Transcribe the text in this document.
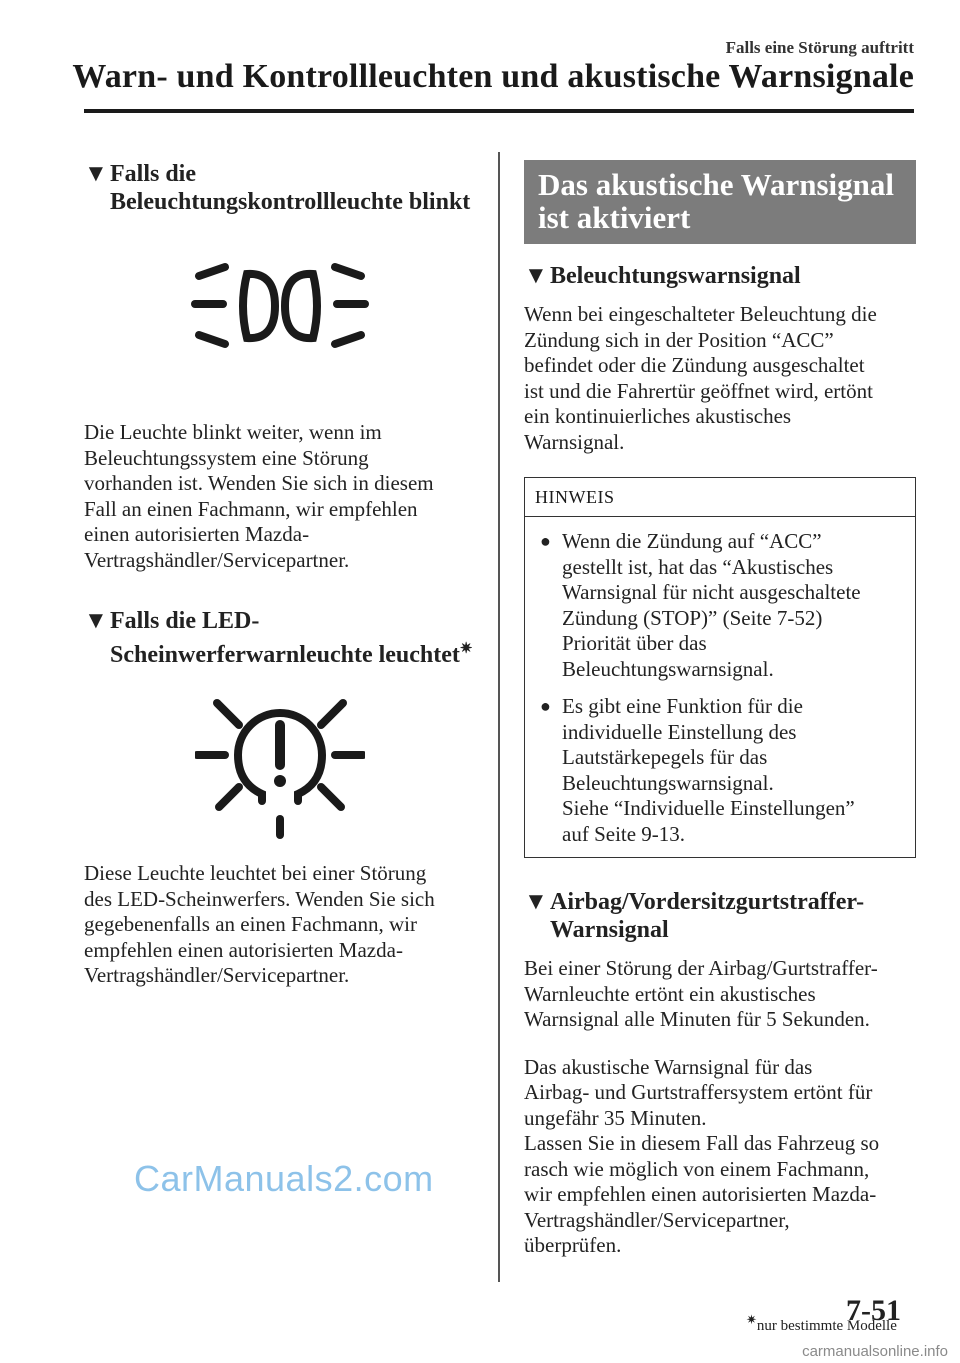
Falls eine Störung auftritt
Warn- und Kontrollleuchten und akustische Warnsignale
▼ Falls die
Beleuchtungskontrollleuchte blinkt
Die Leuchte blinkt weiter, wenn im
Beleuchtungssystem eine Störung
vorhanden ist. Wenden Sie sich in diesem
Fall an einen Fachmann, wir empfehlen
einen autorisierten Mazda-
Vertragshändler/Servicepartner.
▼ Falls die LED-
Scheinwerferwarnleuchte leuchtet✷
Diese Leuchte leuchtet bei einer Störung
des LED-Scheinwerfers. Wenden Sie sich
gegebenenfalls an einen Fachmann, wir
empfehlen einen autorisierten Mazda-
Vertragshändler/Servicepartner.
Das akustische Warnsignal
ist aktiviert
▼ Beleuchtungswarnsignal
Wenn bei eingeschalteter Beleuchtung die
Zündung sich in der Position “ACC”
befindet oder die Zündung ausgeschaltet
ist und die Fahrertür geöffnet wird, ertönt
ein kontinuierliches akustisches
Warnsignal.
HINWEIS
● Wenn die Zündung auf “ACC”
gestellt ist, hat das “Akustisches
Warnsignal für nicht ausgeschaltete
Zündung (STOP)” (Seite 7-52)
Priorität über das
Beleuchtungswarnsignal.
● Es gibt eine Funktion für die
individuelle Einstellung des
Lautstärkepegels für das
Beleuchtungswarnsignal.
Siehe “Individuelle Einstellungen”
auf Seite 9-13.
▼ Airbag/Vordersitzgurtstraffer-
Warnsignal
Bei einer Störung der Airbag/Gurtstraffer-
Warnleuchte ertönt ein akustisches
Warnsignal alle Minuten für 5 Sekunden.
Das akustische Warnsignal für das
Airbag- und Gurtstraffersystem ertönt für
ungefähr 35 Minuten.
Lassen Sie in diesem Fall das Fahrzeug so
rasch wie möglich von einem Fachmann,
wir empfehlen einen autorisierten Mazda-
Vertragshändler/Servicepartner,
überprüfen.
✷nur bestimmte Modelle
7-51
CarManuals2.com
carmanualsonline.info
